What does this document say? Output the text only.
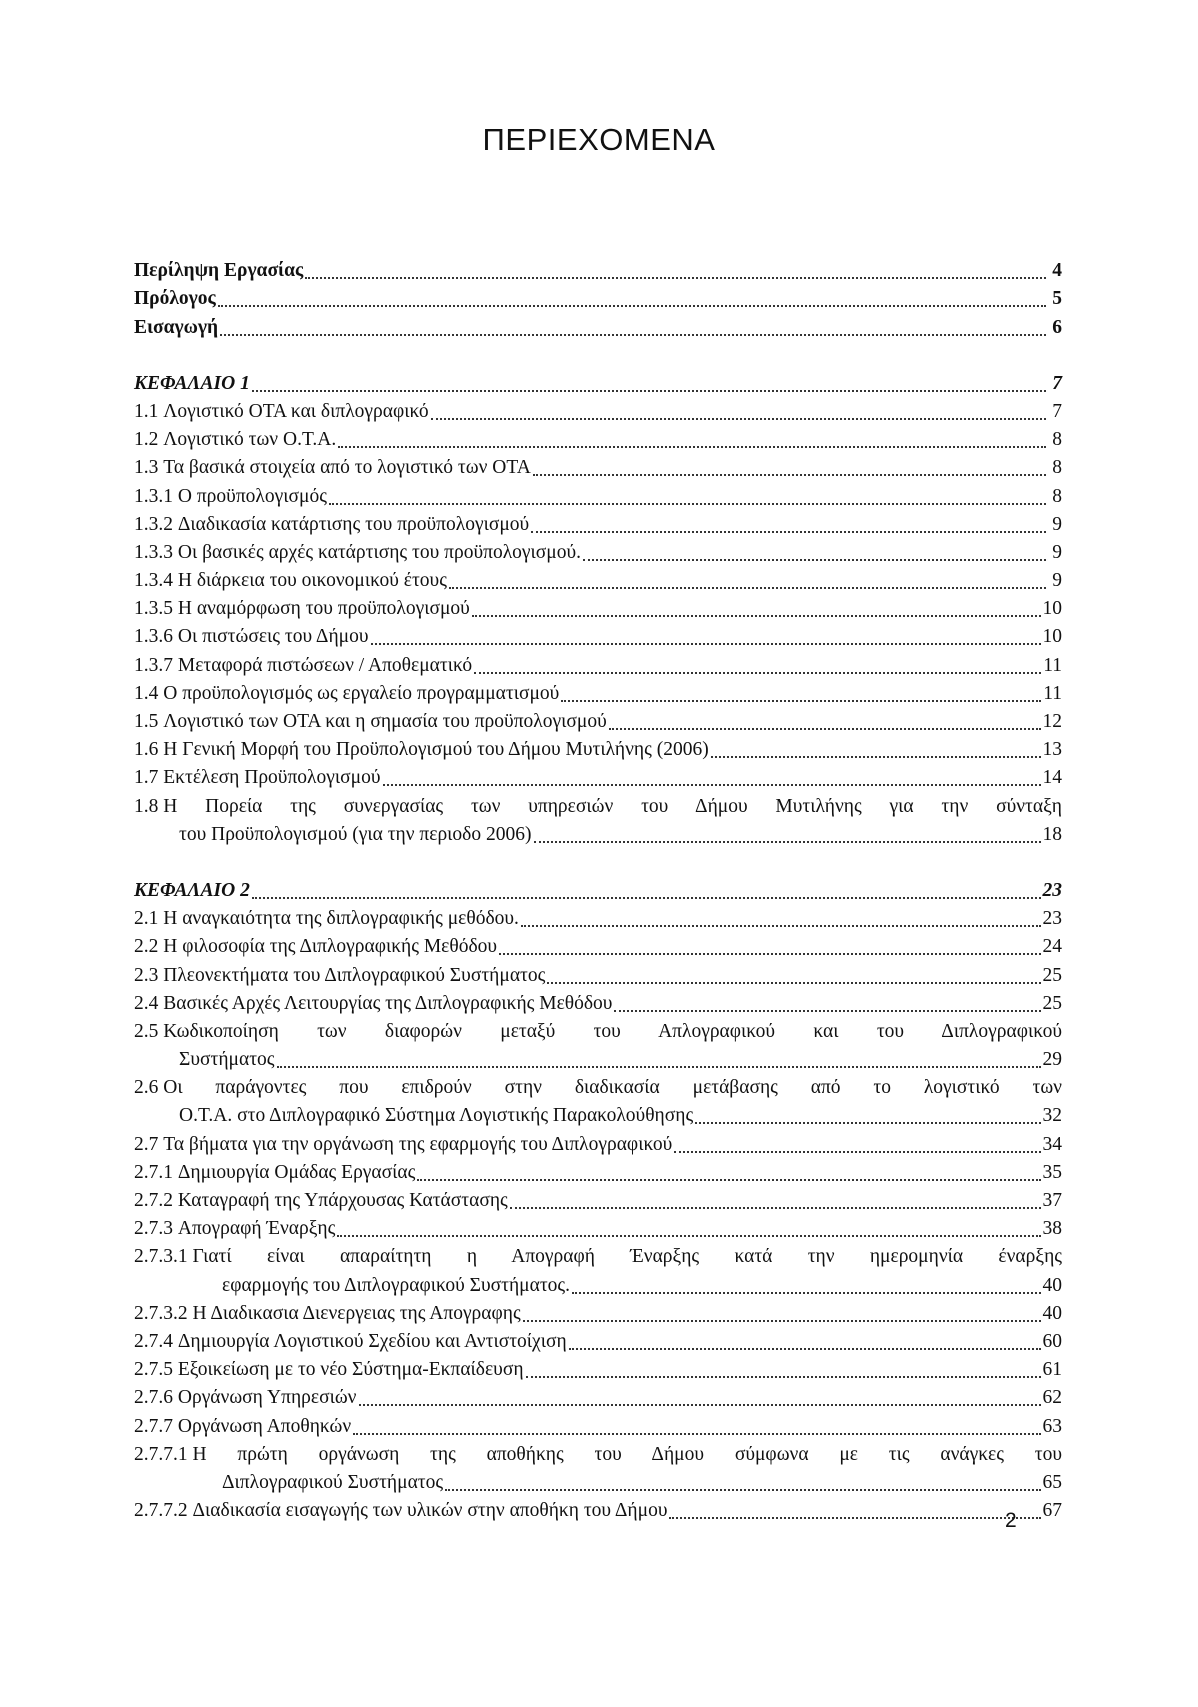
ΠΕΡΙΕΧΟΜΕΝΑ
Περίληψη Εργασίας	4
Πρόλογος	5
Εισαγωγή	6
ΚΕΦΑΛΑΙΟ 1	7
1.1 Λογιστικό ΟΤΑ και διπλογραφικό	7
1.2 Λογιστικό των Ο.Τ.Α.	8
1.3 Τα βασικά στοιχεία από το λογιστικό των ΟΤΑ	8
1.3.1 Ο προϋπολογισμός	8
1.3.2 Διαδικασία κατάρτισης του προϋπολογισμού	9
1.3.3 Οι βασικές αρχές κατάρτισης του προϋπολογισμού.	9
1.3.4 Η διάρκεια του οικονομικού έτους	9
1.3.5 Η αναμόρφωση του προϋπολογισμού	10
1.3.6 Οι πιστώσεις του Δήμου	10
1.3.7 Μεταφορά πιστώσεων / Αποθεματικό	11
1.4 Ο προϋπολογισμός ως εργαλείο προγραμματισμού	11
1.5 Λογιστικό των ΟΤΑ και η σημασία του προϋπολογισμού	12
1.6 Η Γενική Μορφή του Προϋπολογισμού του Δήμου Μυτιλήνης (2006)	13
1.7 Εκτέλεση Προϋπολογισμού	14
1.8 Η Πορεία της συνεργασίας των υπηρεσιών του Δήμου Μυτιλήνης για την σύνταξη
του Προϋπολογισμού (για την περιοδο 2006)	18
ΚΕΦΑΛΑΙΟ 2	23
2.1 Η αναγκαιότητα της διπλογραφικής μεθόδου.	23
2.2 Η φιλοσοφία της Διπλογραφικής Μεθόδου	24
2.3 Πλεονεκτήματα του Διπλογραφικού Συστήματος	25
2.4 Βασικές Αρχές Λειτουργίας της Διπλογραφικής Μεθόδου	25
2.5 Κωδικοποίηση των διαφορών μεταξύ του Απλογραφικού και του Διπλογραφικού
Συστήματος	29
2.6 Οι παράγοντες που επιδρούν στην διαδικασία μετάβασης από το λογιστικό των
Ο.Τ.Α. στο Διπλογραφικό Σύστημα Λογιστικής Παρακολούθησης	32
2.7 Τα βήματα για την οργάνωση της εφαρμογής του Διπλογραφικού	34
2.7.1 Δημιουργία Ομάδας Εργασίας	35
2.7.2 Καταγραφή της Υπάρχουσας Κατάστασης	37
2.7.3 Απογραφή Έναρξης	38
2.7.3.1 Γιατί είναι απαραίτητη η Απογραφή Έναρξης κατά την ημερομηνία έναρξης
εφαρμογής του Διπλογραφικού Συστήματος.	40
2.7.3.2 Η Διαδικασια Διενεργειας της Απογραφης	40
2.7.4 Δημιουργία Λογιστικού Σχεδίου και Αντιστοίχιση	60
2.7.5 Εξοικείωση με το νέο Σύστημα-Εκπαίδευση	61
2.7.6 Οργάνωση Υπηρεσιών	62
2.7.7 Οργάνωση Αποθηκών	63
2.7.7.1 Η πρώτη οργάνωση της αποθήκης του Δήμου σύμφωνα με τις ανάγκες του
Διπλογραφικού Συστήματος	65
2.7.7.2 Διαδικασία εισαγωγής των υλικών στην αποθήκη του Δήμου	67
2
